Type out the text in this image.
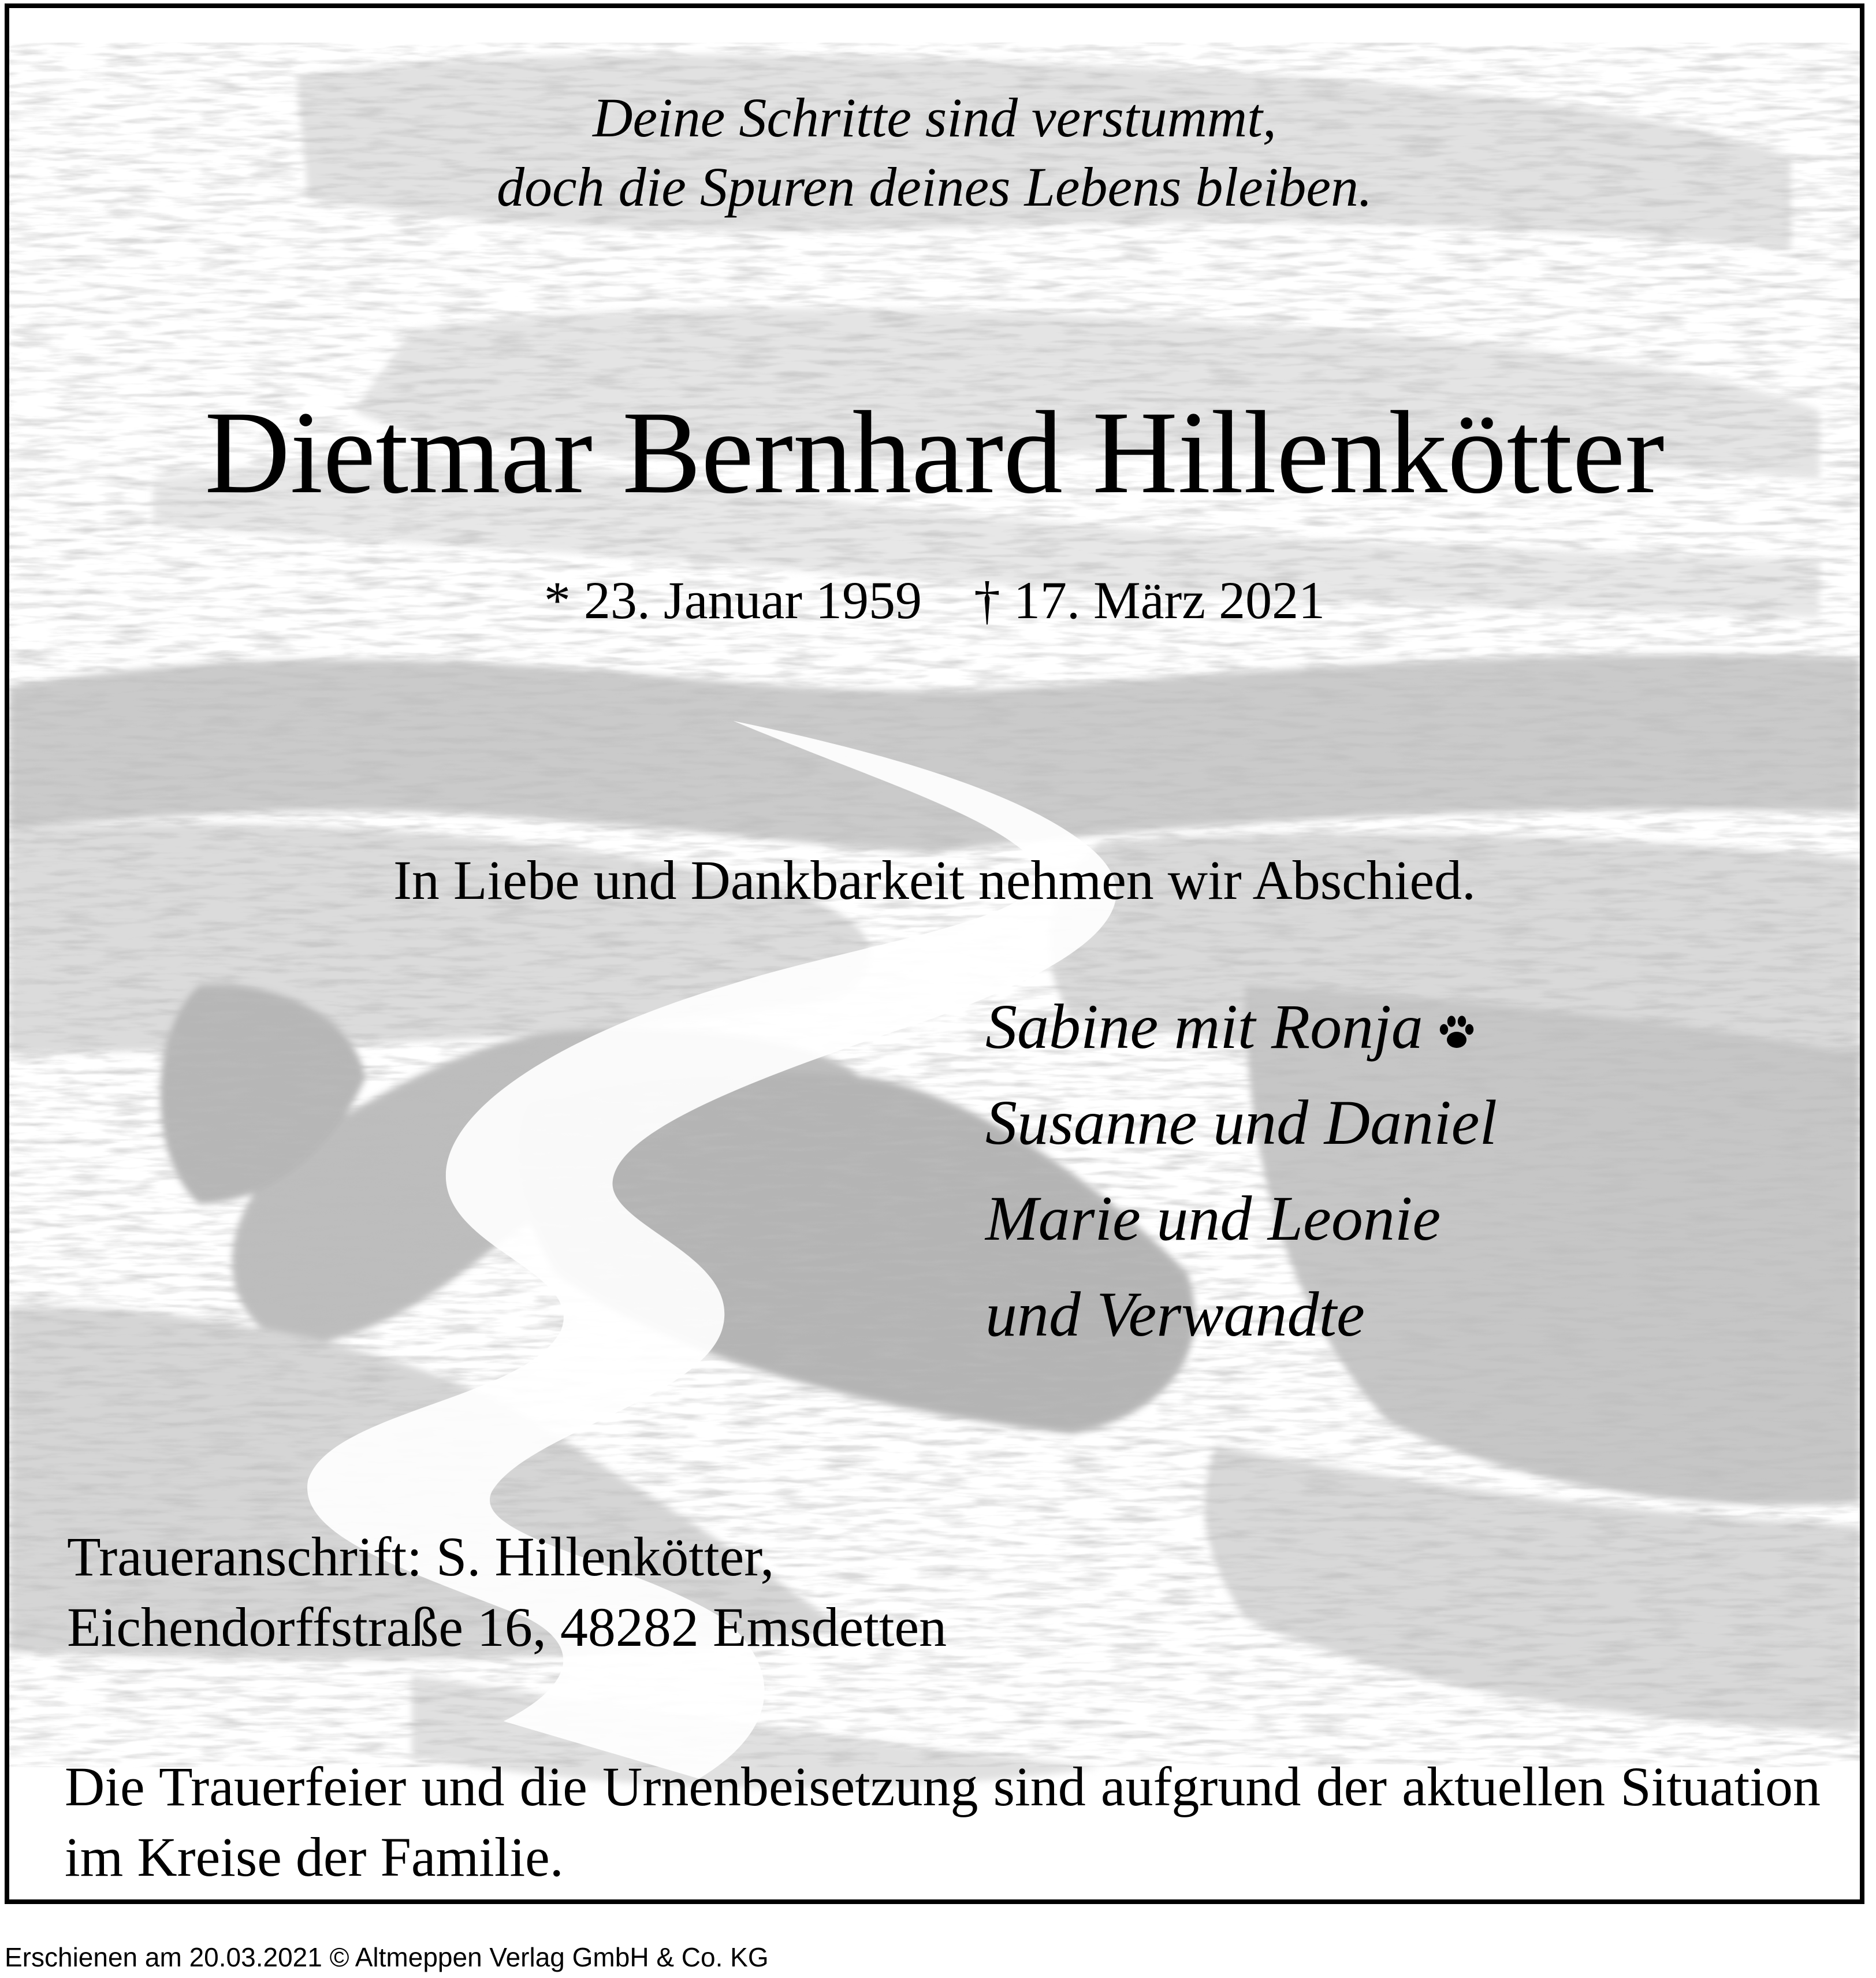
Deine Schritte sind verstummt,
doch die Spuren deines Lebens bleiben.
Dietmar Bernhard Hillenkötter
* 23. Januar 1959 † 17. März 2021
In Liebe und Dankbarkeit nehmen wir Abschied.
Sabine mit Ronja
Susanne und Daniel
Marie und Leonie
und Verwandte
Traueranschrift: S. Hillenkötter,
Eichendorffstraße 16, 48282 Emsdetten
Die Trauerfeier und die Urnenbeisetzung sind aufgrund der aktuellen Situation im Kreise der Familie.
Erschienen am 20.03.2021 © Altmeppen Verlag GmbH & Co. KG
